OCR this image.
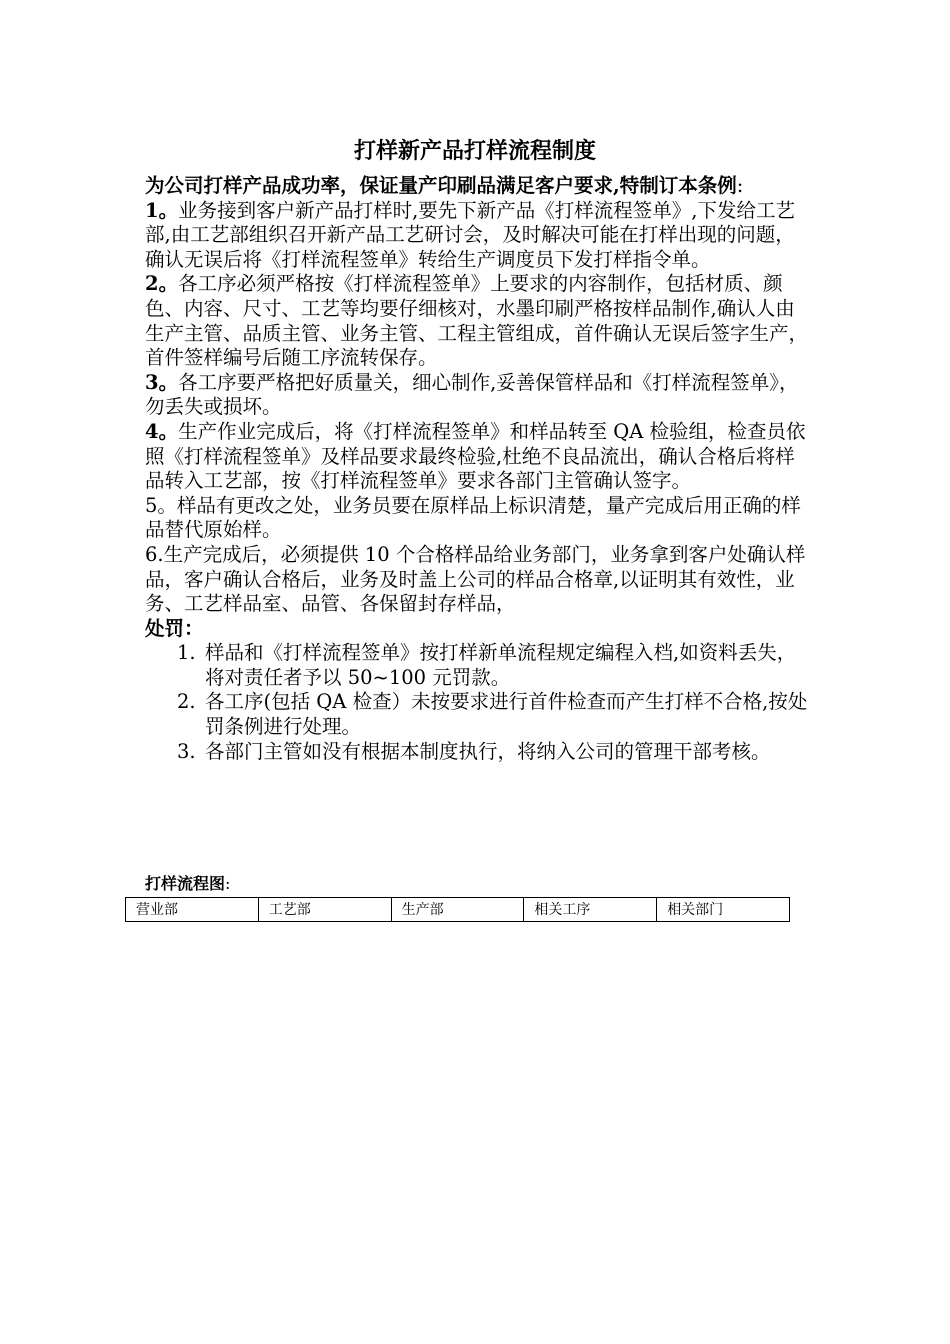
打样新产品打样流程制度
为公司打样产品成功率，保证量产印刷品满足客户要求,特制订本条例:
1。业务接到客户新产品打样时,要先下新产品《打样流程签单》,下发给工艺部,由工艺部组织召开新产品工艺研讨会，及时解决可能在打样出现的问题，确认无误后将《打样流程签单》转给生产调度员下发打样指令单。
2。各工序必须严格按《打样流程签单》上要求的内容制作，包括材质、颜色、内容、尺寸、工艺等均要仔细核对，水墨印刷严格按样品制作,确认人由生产主管、品质主管、业务主管、工程主管组成，首件确认无误后签字生产，首件签样编号后随工序流转保存。
3。各工序要严格把好质量关，细心制作,妥善保管样品和《打样流程签单》，勿丢失或损坏。
4。生产作业完成后，将《打样流程签单》和样品转至 QA 检验组，检查员依照《打样流程签单》及样品要求最终检验,杜绝不良品流出，确认合格后将样品转入工艺部，按《打样流程签单》要求各部门主管确认签字。
5。样品有更改之处，业务员要在原样品上标识清楚，量产完成后用正确的样品替代原始样。
6.生产完成后，必须提供 10 个合格样品给业务部门，业务拿到客户处确认样品，客户确认合格后，业务及时盖上公司的样品合格章,以证明其有效性，业务、工艺样品室、品管、各保留封存样品，
处罚：
1. 样品和《打样流程签单》按打样新单流程规定编程入档,如资料丢失，将对责任者予以 50~100 元罚款。
2. 各工序(包括 QA 检查）未按要求进行首件检查而产生打样不合格,按处罚条例进行处理。
3. 各部门主管如没有根据本制度执行，将纳入公司的管理干部考核。
打样流程图:
营业部	工艺部	生产部	相关工序	相关部门
